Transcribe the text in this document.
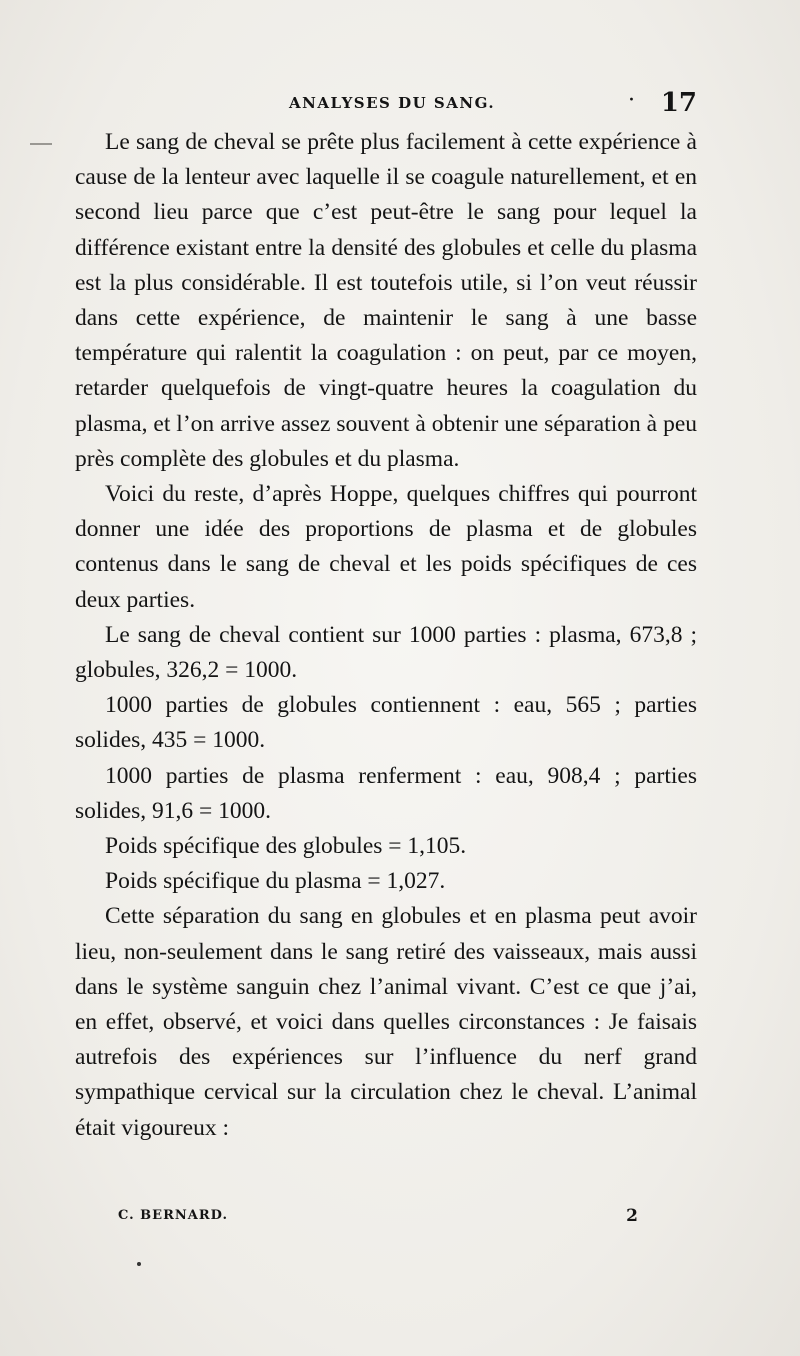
ANALYSES DU SANG.	· 17

Le sang de cheval se prête plus facilement à cette expérience à cause de la lenteur avec laquelle il se coagule naturellement, et en second lieu parce que c’est peut-être le sang pour lequel la différence existant entre la densité des globules et celle du plasma est la plus considérable. Il est toutefois utile, si l’on veut réussir dans cette expérience, de maintenir le sang à une basse température qui ralentit la coagulation : on peut, par ce moyen, retarder quelquefois de vingt-quatre heures la coagulation du plasma, et l’on arrive assez souvent à obtenir une séparation à peu près complète des globules et du plasma.

Voici du reste, d’après Hoppe, quelques chiffres qui pourront donner une idée des proportions de plasma et de globules contenus dans le sang de cheval et les poids spécifiques de ces deux parties.

Le sang de cheval contient sur 1000 parties : plasma, 673,8 ; globules, 326,2 = 1000.

1000 parties de globules contiennent : eau, 565 ; parties solides, 435 = 1000.

1000 parties de plasma renferment : eau, 908,4 ; parties solides, 91,6 = 1000.

Poids spécifique des globules = 1,105.

Poids spécifique du plasma = 1,027.

Cette séparation du sang en globules et en plasma peut avoir lieu, non-seulement dans le sang retiré des vaisseaux, mais aussi dans le système sanguin chez l’animal vivant. C’est ce que j’ai, en effet, observé, et voici dans quelles circonstances : Je faisais autrefois des expériences sur l’influence du nerf grand sympathique cervical sur la circulation chez le cheval. L’animal était vigoureux :

C. BERNARD.	2
